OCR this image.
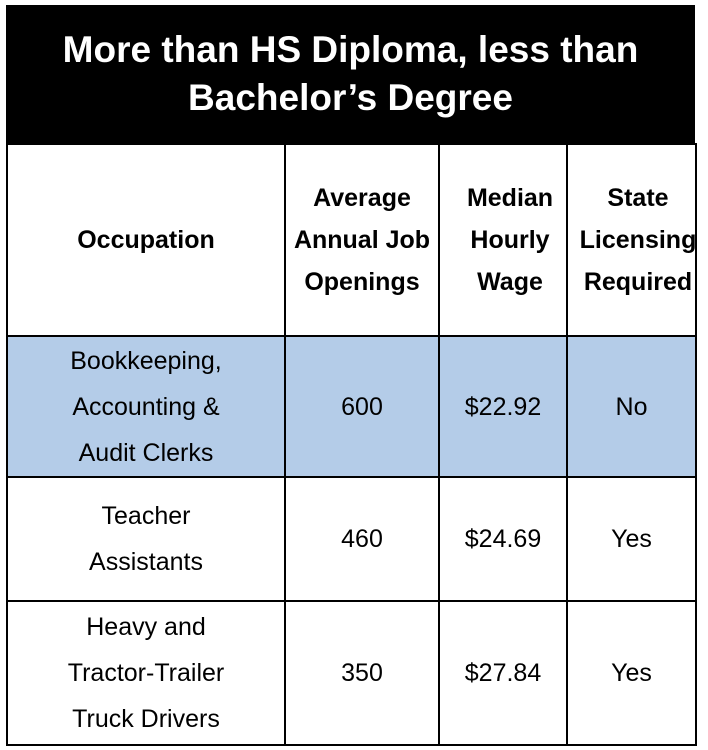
More than HS Diploma, less than Bachelor’s Degree
Occupation	Average Annual Job Openings	Median Hourly Wage	State Licensing Required
Bookkeeping, Accounting & Audit Clerks	600	$22.92	No
Teacher Assistants	460	$24.69	Yes
Heavy and Tractor-Trailer Truck Drivers	350	$27.84	Yes
